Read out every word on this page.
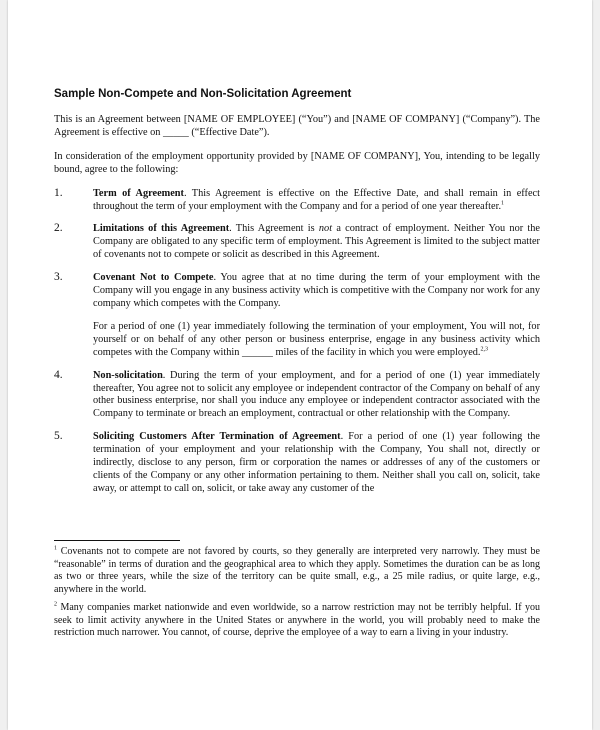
Sample Non-Compete and Non-Solicitation Agreement

This is an Agreement between [NAME OF EMPLOYEE] (“You”) and [NAME OF COMPANY] (“Company”). The Agreement is effective on _____ (“Effective Date”).

In consideration of the employment opportunity provided by [NAME OF COMPANY], You, intending to be legally bound, agree to the following:

1.	Term of Agreement. This Agreement is effective on the Effective Date, and shall remain in effect throughout the term of your employment with the Company and for a period of one year thereafter.$^1$

2.	Limitations of this Agreement. This Agreement is not a contract of employment. Neither You nor the Company are obligated to any specific term of employment. This Agreement is limited to the subject matter of covenants not to compete or solicit as described in this Agreement.

3.	Covenant Not to Compete. You agree that at no time during the term of your employment with the Company will you engage in any business activity which is competitive with the Company nor work for any company which competes with the Company.

For a period of one (1) year immediately following the termination of your employment, You will not, for yourself or on behalf of any other person or business enterprise, engage in any business activity which competes with the Company within ______ miles of the facility in which you were employed.$^{2,3}$

4.	Non-solicitation. During the term of your employment, and for a period of one (1) year immediately thereafter, You agree not to solicit any employee or independent contractor of the Company on behalf of any other business enterprise, nor shall you induce any employee or independent contractor associated with the Company to terminate or breach an employment, contractual or other relationship with the Company.

5.	Soliciting Customers After Termination of Agreement. For a period of one (1) year following the termination of your employment and your relationship with the Company, You shall not, directly or indirectly, disclose to any person, firm or corporation the names or addresses of any of the customers or clients of the Company or any other information pertaining to them. Neither shall you call on, solicit, take away, or attempt to call on, solicit, or take away any customer of the

$^1$ Covenants not to compete are not favored by courts, so they generally are interpreted very narrowly. They must be “reasonable” in terms of duration and the geographical area to which they apply. Sometimes the duration can be as long as two or three years, while the size of the territory can be quite small, e.g., a 25 mile radius, or quite large, e.g., anywhere in the world.

$^2$ Many companies market nationwide and even worldwide, so a narrow restriction may not be terribly helpful. If you seek to limit activity anywhere in the United States or anywhere in the world, you will probably need to make the restriction much narrower. You cannot, of course, deprive the employee of a way to earn a living in your industry.
